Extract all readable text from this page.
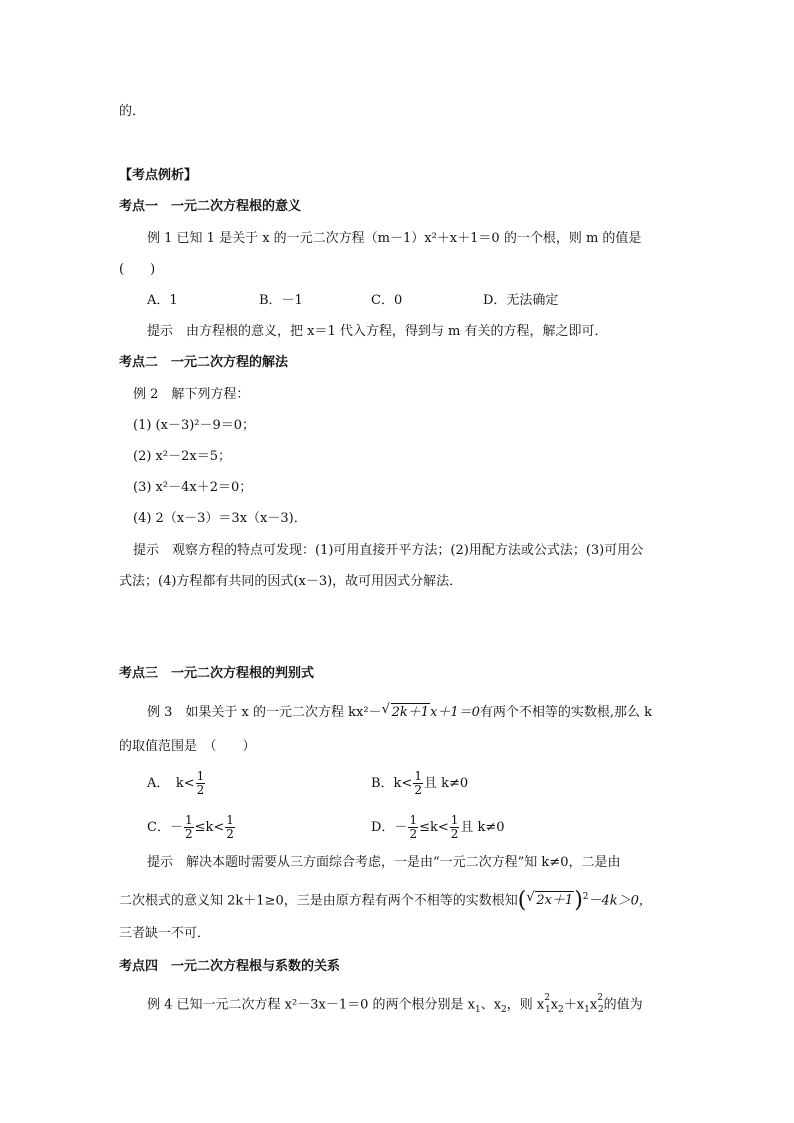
的．
【考点例析】
考点一　一元二次方程根的意义
例 1 已知 1 是关于 x 的一元二次方程（m－1）x²＋x＋1＝0 的一个根，则 m 的值是
(　　)
A．1	B．－1	C．0	D．无法确定
提示　由方程根的意义，把 x＝1 代入方程，得到与 m 有关的方程，解之即可．
考点二　一元二次方程的解法
例 2　解下列方程：
(1) (x－3)²－9＝0；
(2) x²－2x＝5；
(3) x²－4x＋2＝0；
(4) 2（x－3）＝3x（x－3)．
提示　观察方程的特点可发现：(1)可用直接开平方法；(2)用配方法或公式法；(3)可用公
式法；(4)方程都有共同的因式(x－3)，故可用因式分解法．
考点三　一元二次方程根的判别式
例 3　如果关于 x 的一元二次方程 kx²－ √ 2k＋1x＋1＝0有两个不相等的实数根,那么 k
的取值范围是　（　　）
A．　$k< \frac{1}{2}$	B．$k< \frac{1}{2}$ 且 k≠0
C．－ $\frac{1}{2} \le k< \frac{1}{2}$	D．－ $\frac{1}{2} \le k< \frac{1}{2}$ 且 k≠0
提示　解决本题时需要从三方面综合考虑，一是由“一元二次方程”知 k≠0，二是由
二次根式的意义知 2k＋1≥0，三是由原方程有两个不相等的实数根知( √ 2x＋1)$^2$－4k＞0，
三者缺一不可．
考点四　一元二次方程根与系数的关系
例 4 已知一元二次方程 x²－3x－1＝0 的两个根分别是 $x_1$、$x_2$，则 $x^2_1x_2+x_1x^2_2$的值为
